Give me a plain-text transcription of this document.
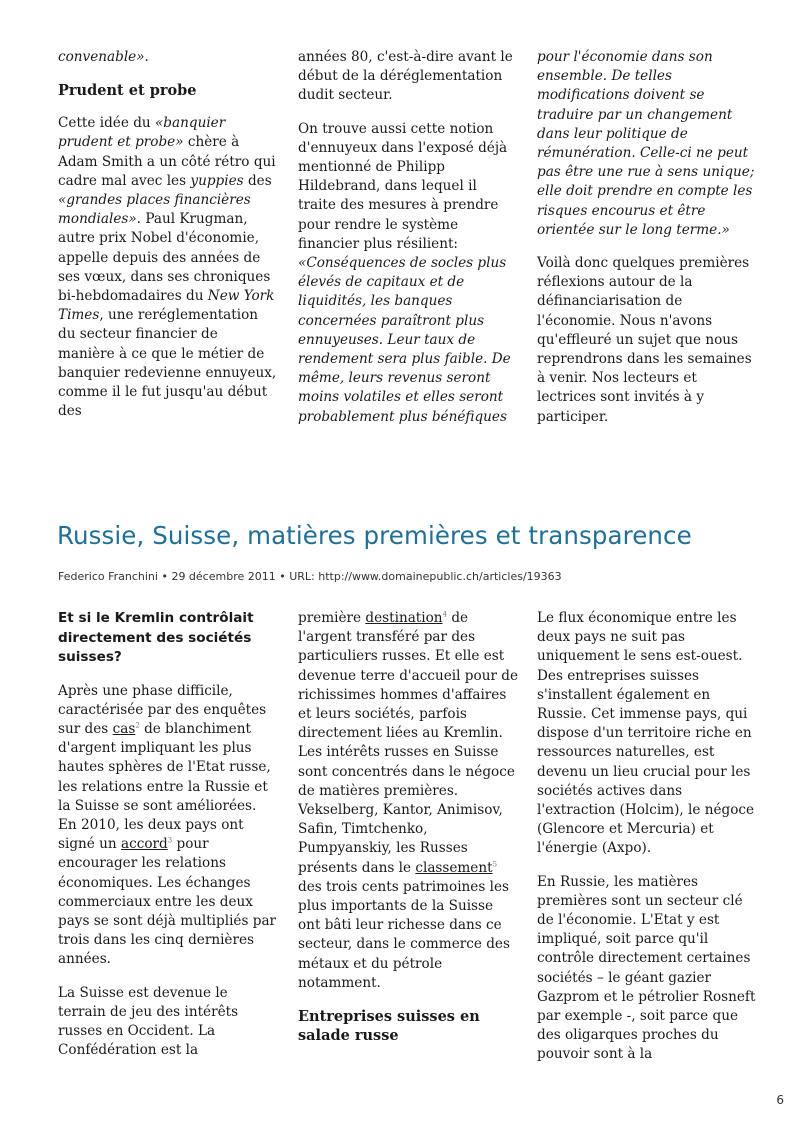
convenable».

Prudent et probe

Cette idée du «banquier prudent et probe» chère à Adam Smith a un côté rétro qui cadre mal avec les yuppies des «grandes places financières mondiales». Paul Krugman, autre prix Nobel d'économie, appelle depuis des années de ses vœux, dans ses chroniques bi-hebdomadaires du New York Times, une reréglementation du secteur financier de manière à ce que le métier de banquier redevienne ennuyeux, comme il le fut jusqu'au début des

années 80, c'est-à-dire avant le début de la déréglementation dudit secteur.

On trouve aussi cette notion d'ennuyeux dans l'exposé déjà mentionné de Philipp Hildebrand, dans lequel il traite des mesures à prendre pour rendre le système financier plus résilient: «Conséquences de socles plus élevés de capitaux et de liquidités, les banques concernées paraîtront plus ennuyeuses. Leur taux de rendement sera plus faible. De même, leurs revenus seront moins volatiles et elles seront probablement plus bénéfiques

pour l'économie dans son ensemble. De telles modifications doivent se traduire par un changement dans leur politique de rémunération. Celle-ci ne peut pas être une rue à sens unique; elle doit prendre en compte les risques encourus et être orientée sur le long terme.»

Voilà donc quelques premières réflexions autour de la définanciarisation de l'économie. Nous n'avons qu'effleuré un sujet que nous reprendrons dans les semaines à venir. Nos lecteurs et lectrices sont invités à y participer.

Russie, Suisse, matières premières et transparence

Federico Franchini • 29 décembre 2011 • URL: http://www.domainepublic.ch/articles/19363

Et si le Kremlin contrôlait directement des sociétés suisses?

Après une phase difficile, caractérisée par des enquêtes sur des cas$^2$ de blanchiment d'argent impliquant les plus hautes sphères de l'Etat russe, les relations entre la Russie et la Suisse se sont améliorées. En 2010, les deux pays ont signé un accord$^3$ pour encourager les relations économiques. Les échanges commerciaux entre les deux pays se sont déjà multipliés par trois dans les cinq dernières années.

La Suisse est devenue le terrain de jeu des intérêts russes en Occident. La Confédération est la

première destination$^4$ de l'argent transféré par des particuliers russes. Et elle est devenue terre d'accueil pour de richissimes hommes d'affaires et leurs sociétés, parfois directement liées au Kremlin. Les intérêts russes en Suisse sont concentrés dans le négoce de matières premières. Vekselberg, Kantor, Animisov, Safin, Timtchenko, Pumpyanskiy, les Russes présents dans le classement$^5$ des trois cents patrimoines les plus importants de la Suisse ont bâti leur richesse dans ce secteur, dans le commerce des métaux et du pétrole notamment.

Entreprises suisses en salade russe

Le flux économique entre les deux pays ne suit pas uniquement le sens est-ouest. Des entreprises suisses s'installent également en Russie. Cet immense pays, qui dispose d'un territoire riche en ressources naturelles, est devenu un lieu crucial pour les sociétés actives dans l'extraction (Holcim), le négoce (Glencore et Mercuria) et l'énergie (Axpo).

En Russie, les matières premières sont un secteur clé de l'économie. L'Etat y est impliqué, soit parce qu'il contrôle directement certaines sociétés – le géant gazier Gazprom et le pétrolier Rosneft par exemple -, soit parce que des oligarques proches du pouvoir sont à la

6
